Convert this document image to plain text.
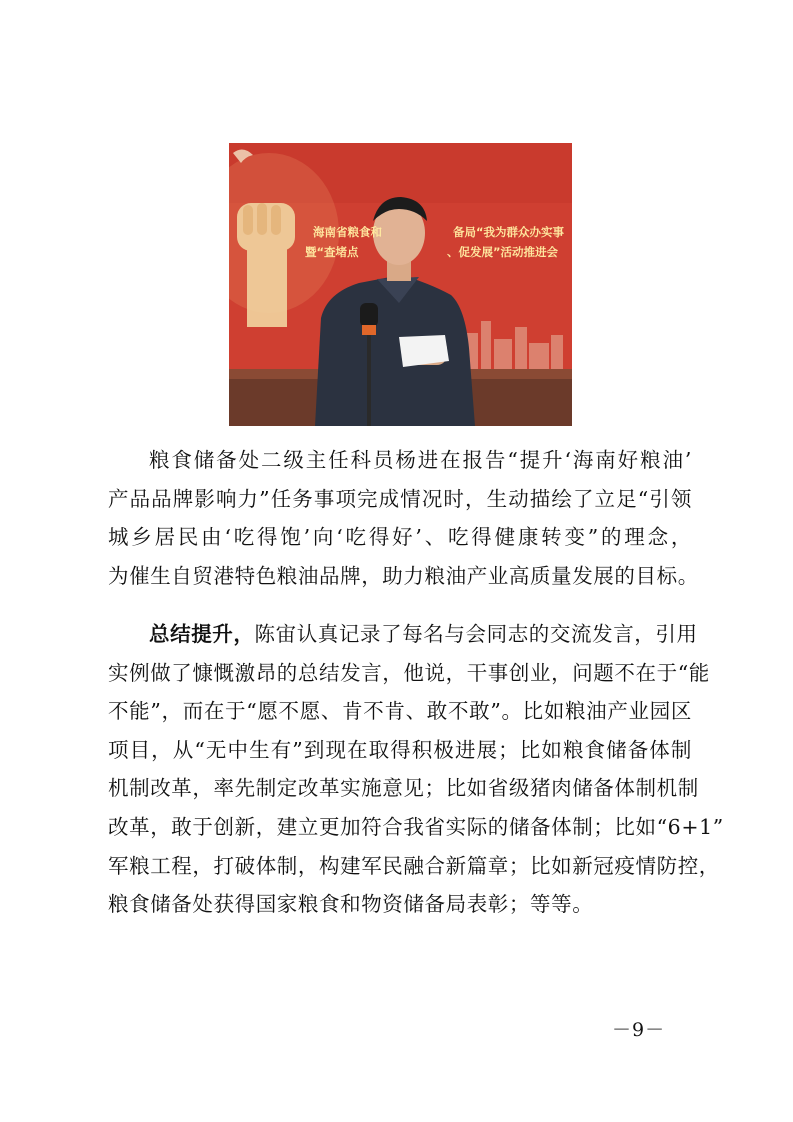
海南省粮食和	备局“我为群众办实事
暨“查堵点	、促发展”活动推进会
粮食储备处二级主任科员杨进在报告“提升‘海南好粮油’
产品品牌影响力”任务事项完成情况时，生动描绘了立足“引领
城乡居民由‘吃得饱’向‘吃得好’、吃得健康转变”的理念，
为催生自贸港特色粮油品牌，助力粮油产业高质量发展的目标。
总结提升，陈宙认真记录了每名与会同志的交流发言，引用
实例做了慷慨激昂的总结发言，他说，干事创业，问题不在于“能
不能”，而在于“愿不愿、肯不肯、敢不敢”。比如粮油产业园区
项目，从“无中生有”到现在取得积极进展；比如粮食储备体制
机制改革，率先制定改革实施意见；比如省级猪肉储备体制机制
改革，敢于创新，建立更加符合我省实际的储备体制；比如“6+1”
军粮工程，打破体制，构建军民融合新篇章；比如新冠疫情防控，
粮食储备处获得国家粮食和物资储备局表彰；等等。
－9－
